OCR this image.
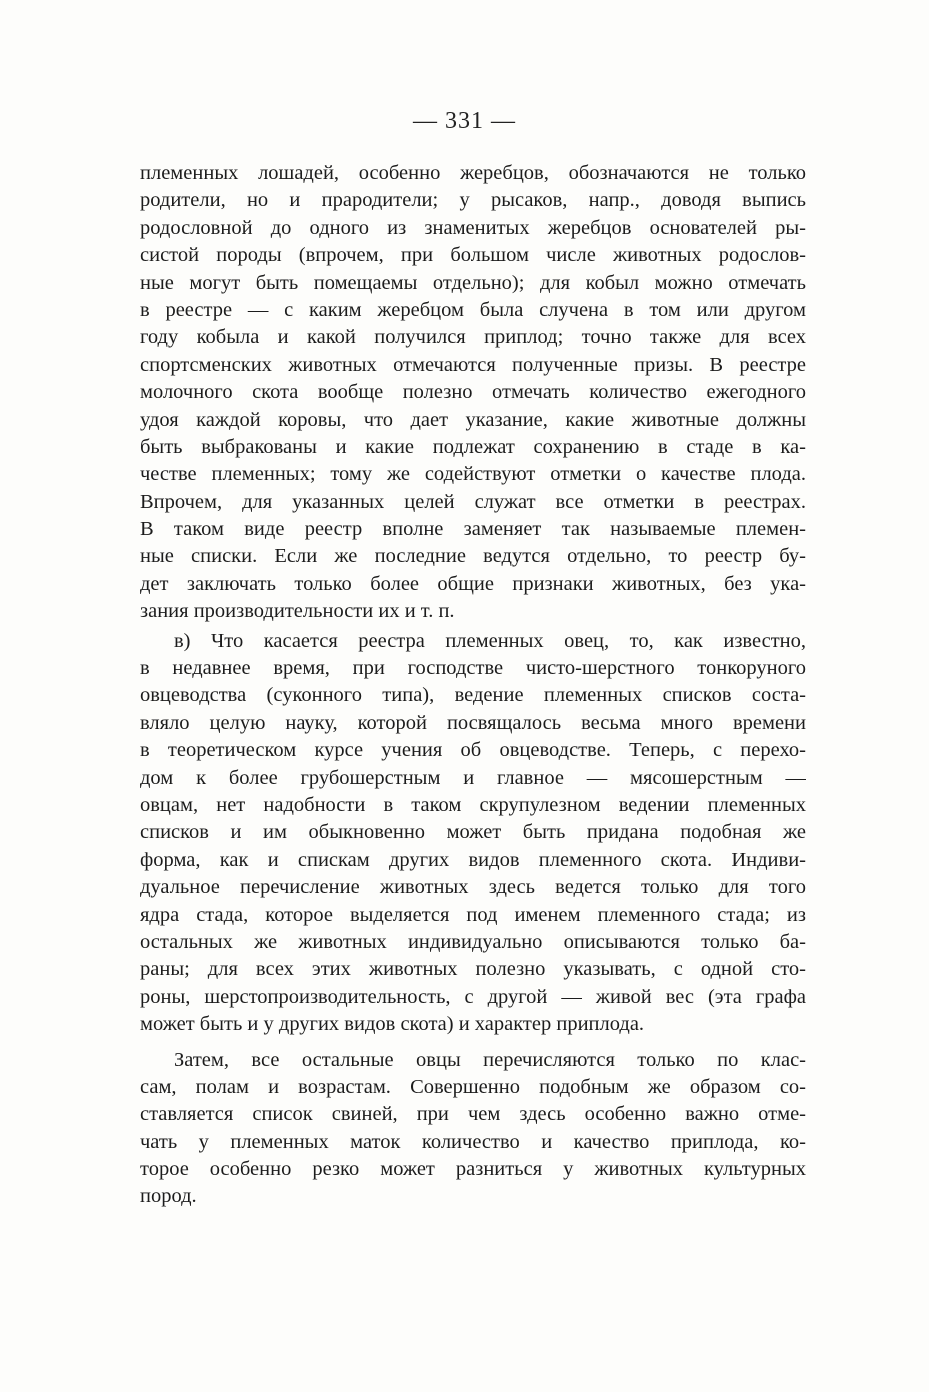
— 331 —
племенных лошадей, особенно жеребцов, обозначаются не только
родители, но и прародители; у рысаков, напр., доводя выпись
родословной до одного из знаменитых жеребцов основателей ры-
систой породы (впрочем, при большом числе животных родослов-
ные могут быть помещаемы отдельно); для кобыл можно отмечать
в реестре — с каким жеребцом была случена в том или другом
году кобыла и какой получился приплод; точно также для всех
спортсменских животных отмечаются полученные призы. В реестре
молочного скота вообще полезно отмечать количество ежегодного
удоя каждой коровы, что дает указание, какие животные должны
быть выбракованы и какие подлежат сохранению в стаде в ка-
честве племенных; тому же содействуют отметки о качестве плода.
Впрочем, для указанных целей служат все отметки в реестрах.
В таком виде реестр вполне заменяет так называемые племен-
ные списки. Если же последние ведутся отдельно, то реестр бу-
дет заключать только более общие признаки животных, без ука-
зания производительности их и т. п.
в) Что касается реестра племенных овец, то, как известно,
в недавнее время, при господстве чисто-шерстного тонкоруного
овцеводства (суконного типа), ведение племенных списков соста-
вляло целую науку, которой посвящалось весьма много времени
в теоретическом курсе учения об овцеводстве. Теперь, с перехо-
дом к более грубошерстным и главное — мясошерстным —
овцам, нет надобности в таком скрупулезном ведении племенных
списков и им обыкновенно может быть придана подобная же
форма, как и спискам других видов племенного скота. Индиви-
дуальное перечисление животных здесь ведется только для того
ядра стада, которое выделяется под именем племенного стада; из
остальных же животных индивидуально описываются только ба-
раны; для всех этих животных полезно указывать, с одной сто-
роны, шерстопроизводительность, с другой — живой вес (эта графа
может быть и у других видов скота) и характер приплода.
Затем, все остальные овцы перечисляются только по клас-
сам, полам и возрастам. Совершенно подобным же образом со-
ставляется список свиней, при чем здесь особенно важно отме-
чать у племенных маток количество и качество приплода, ко-
торое особенно резко может разниться у животных культурных
пород.
